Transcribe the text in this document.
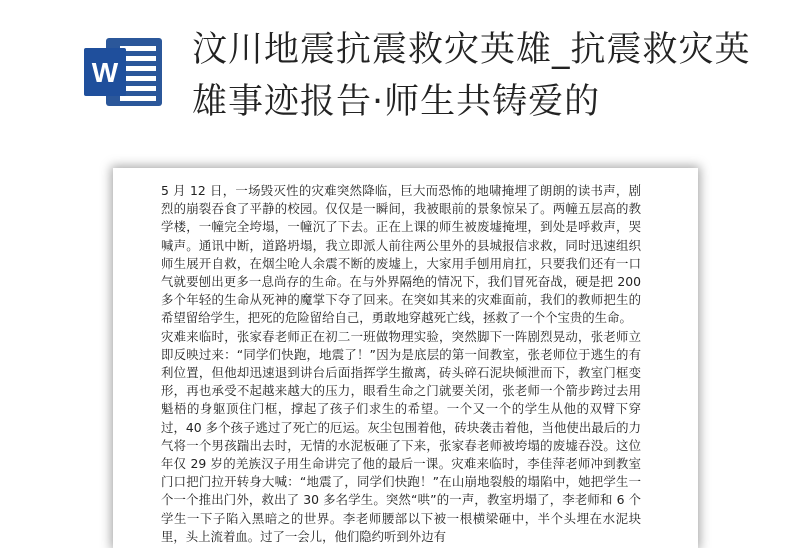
W
汶川地震抗震救灾英雄_抗震救灾英雄事迹报告·师生共铸爱的

5 月 12 日，一场毁灭性的灾难突然降临，巨大而恐怖的地啸掩埋了朗朗的读书声，剧烈的崩裂吞食了平静的校园。仅仅是一瞬间，我被眼前的景象惊呆了。两幢五层高的教学楼，一幢完全垮塌，一幢沉了下去。正在上课的师生被废墟掩埋，到处是呼救声，哭喊声。通讯中断，道路坍塌，我立即派人前往两公里外的县城报信求救，同时迅速组织师生展开自救，在烟尘呛人余震不断的废墟上，大家用手刨用肩扛，只要我们还有一口气就要刨出更多一息尚存的生命。在与外界隔绝的情况下，我们冒死奋战，硬是把 200 多个年轻的生命从死神的魔掌下夺了回来。在突如其来的灾难面前，我们的教师把生的希望留给学生，把死的危险留给自己，勇敢地穿越死亡线，拯救了一个个宝贵的生命。

灾难来临时，张家春老师正在初二一班做物理实验，突然脚下一阵剧烈晃动，张老师立即反映过来：“同学们快跑，地震了！”因为是底层的第一间教室，张老师位于逃生的有利位置，但他却迅速退到讲台后面指挥学生撤离，砖头碎石泥块倾泄而下，教室门框变形，再也承受不起越来越大的压力，眼看生命之门就要关闭，张老师一个箭步跨过去用魁梧的身躯顶住门框，撑起了孩子们求生的希望。一个又一个的学生从他的双臂下穿过，40 多个孩子逃过了死亡的厄运。灰尘包围着他，砖块袭击着他，当他使出最后的力气将一个男孩踹出去时，无情的水泥板砸了下来，张家春老师被垮塌的废墟吞没。这位年仅 29 岁的羌族汉子用生命讲完了他的最后一课。灾难来临时，李佳萍老师冲到教室门口把门拉开转身大喊：“地震了，同学们快跑！”在山崩地裂般的塌陷中，她把学生一个一个推出门外，救出了 30 多名学生。突然“哄”的一声，教室坍塌了，李老师和 6 个学生一下子陷入黑暗之的世界。李老师腰部以下被一根横梁砸中，半个头埋在水泥块里，头上流着血。过了一会儿，他们隐约听到外边有
